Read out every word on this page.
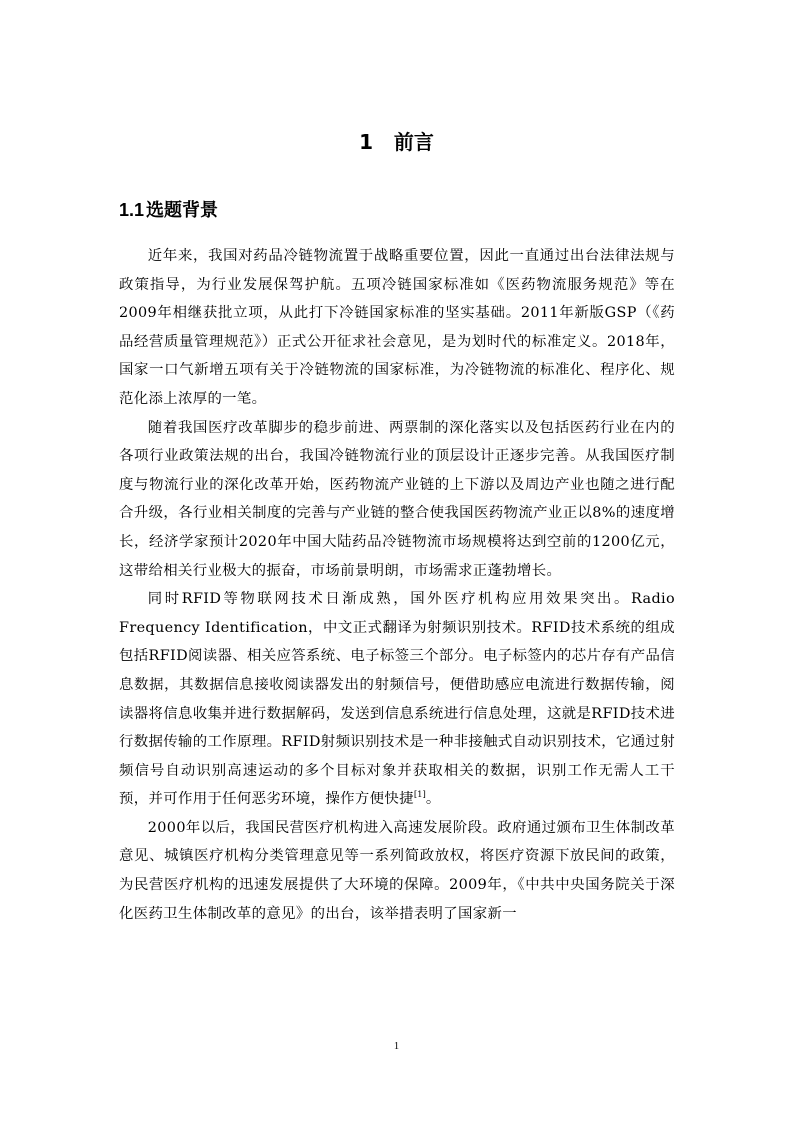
1   前言
1.1 选题背景

近年来，我国对药品冷链物流置于战略重要位置，因此一直通过出台法律法规与政策指导，为行业发展保驾护航。五项冷链国家标准如《医药物流服务规范》等在2009年相继获批立项，从此打下冷链国家标准的坚实基础。2011年新版GSP（《药品经营质量管理规范》）正式公开征求社会意见，是为划时代的标准定义。2018年，国家一口气新增五项有关于冷链物流的国家标准，为冷链物流的标准化、程序化、规范化添上浓厚的一笔。

随着我国医疗改革脚步的稳步前进、两票制的深化落实以及包括医药行业在内的各项行业政策法规的出台，我国冷链物流行业的顶层设计正逐步完善。从我国医疗制度与物流行业的深化改革开始，医药物流产业链的上下游以及周边产业也随之进行配合升级，各行业相关制度的完善与产业链的整合使我国医药物流产业正以8%的速度增长，经济学家预计2020年中国大陆药品冷链物流市场规模将达到空前的1200亿元，这带给相关行业极大的振奋，市场前景明朗，市场需求正蓬勃增长。

同时RFID等物联网技术日渐成熟，国外医疗机构应用效果突出。Radio Frequency Identification，中文正式翻译为射频识别技术。RFID技术系统的组成包括RFID阅读器、相关应答系统、电子标签三个部分。电子标签内的芯片存有产品信息数据，其数据信息接收阅读器发出的射频信号，便借助感应电流进行数据传输，阅读器将信息收集并进行数据解码，发送到信息系统进行信息处理，这就是RFID技术进行数据传输的工作原理。RFID射频识别技术是一种非接触式自动识别技术，它通过射频信号自动识别高速运动的多个目标对象并获取相关的数据，识别工作无需人工干预，并可作用于任何恶劣环境，操作方便快捷[1]。

2000年以后，我国民营医疗机构进入高速发展阶段。政府通过颁布卫生体制改革意见、城镇医疗机构分类管理意见等一系列简政放权，将医疗资源下放民间的政策，为民营医疗机构的迅速发展提供了大环境的保障。2009年，《中共中央国务院关于深化医药卫生体制改革的意见》的出台，该举措表明了国家新一

1
